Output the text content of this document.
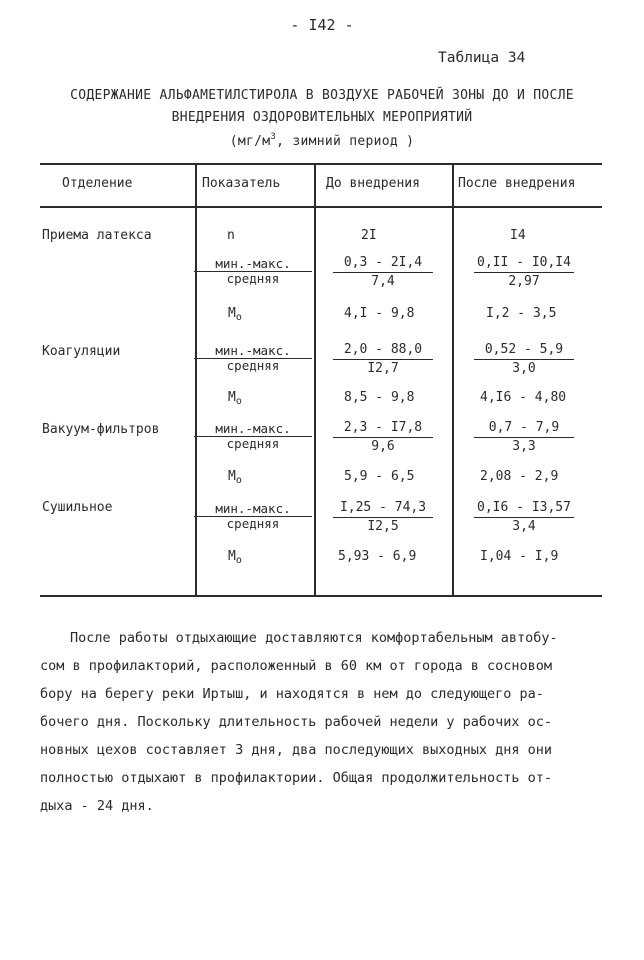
- I42 -
Таблица 34
СОДЕРЖАНИЕ АЛЬФАМЕТИЛСТИРОЛА В ВОЗДУХЕ РАБОЧЕЙ ЗОНЫ ДО И ПОСЛЕ
ВНЕДРЕНИЯ ОЗДОРОВИТЕЛЬНЫХ МЕРОПРИЯТИЙ
($мг/м^3$, зимний период )
Отделение	Показатель	До внедрения	После внедрения
Приема латекса	n	2I	I4
мин.-макс.
средняя	$\frac{0,3 - 2I,4}{7,4}$	$\frac{0,II - I0,I4}{2,97}$
$М_о$	4,I - 9,8	I,2 - 3,5
Коагуляции	мин.-макс.
средняя	$\frac{2,0 - 88,0}{I2,7}$	$\frac{0,52 - 5,9}{3,0}$
$М_о$	8,5 - 9,8	4,I6 - 4,80
Вакуум-фильтров	мин.-макс.
средняя	$\frac{2,3 - I7,8}{9,6}$	$\frac{0,7 - 7,9}{3,3}$
$М_о$	5,9 - 6,5	2,08 - 2,9
Сушильное	мин.-макс.
средняя	$\frac{I,25 - 74,3}{I2,5}$	$\frac{0,I6 - I3,57}{3,4}$
$М_о$	5,93 - 6,9	I,04 - I,9
После работы отдыхающие доставляются комфортабельным автобу-
сом в профилакторий, расположенный в 60 км от города в сосновом
бору на берегу реки Иртыш, и находятся в нем до следующего ра-
бочего дня. Поскольку длительность рабочей недели у рабочих ос-
новных цехов составляет 3 дня, два последующих выходных дня они
полностью отдыхают в профилактории. Общая продолжительность от-
дыха - 24 дня.
